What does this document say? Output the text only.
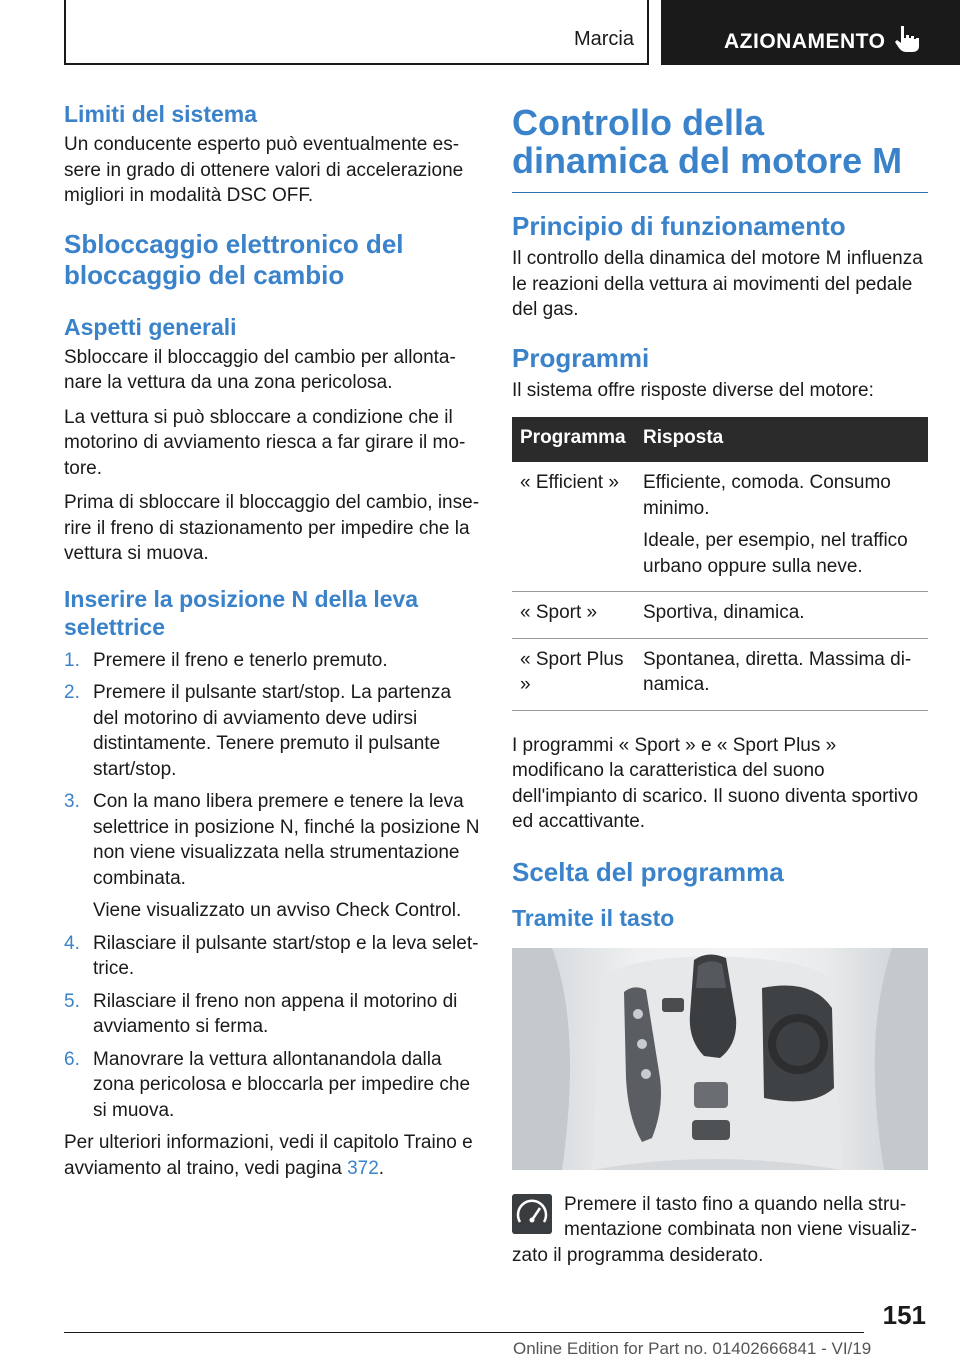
Marcia	AZIONAMENTO
Limiti del sistema
Un conducente esperto può eventualmente essere in grado di ottenere valori di accelerazione migliori in modalità DSC OFF.
Sbloccaggio elettronico del bloccaggio del cambio
Aspetti generali
Sbloccare il bloccaggio del cambio per allontanare la vettura da una zona pericolosa.
La vettura si può sbloccare a condizione che il motorino di avviamento riesca a far girare il motore.
Prima di sbloccare il bloccaggio del cambio, inserire il freno di stazionamento per impedire che la vettura si muova.
Inserire la posizione N della leva selettrice
1. Premere il freno e tenerlo premuto.
2. Premere il pulsante start/stop. La partenza del motorino di avviamento deve udirsi distintamente. Tenere premuto il pulsante start/stop.
3. Con la mano libera premere e tenere la leva selettrice in posizione N, finché la posizione N non viene visualizzata nella strumentazione combinata.
Viene visualizzato un avviso Check Control.
4. Rilasciare il pulsante start/stop e la leva selettrice.
5. Rilasciare il freno non appena il motorino di avviamento si ferma.
6. Manovrare la vettura allontanandola dalla zona pericolosa e bloccarla per impedire che si muova.
Per ulteriori informazioni, vedi il capitolo Traino e avviamento al traino, vedi pagina 372.
Controllo della dinamica del motore M
Principio di funzionamento
Il controllo della dinamica del motore M influenza le reazioni della vettura ai movimenti del pedale del gas.
Programmi
Il sistema offre risposte diverse del motore:
Programma	Risposta
« Efficient »	Efficiente, comoda. Consumo minimo.
Ideale, per esempio, nel traffico urbano oppure sulla neve.

« Sport »	Sportiva, dinamica.
« Sport Plus »	Spontanea, diretta. Massima dinamica.
I programmi « Sport » e « Sport Plus » modificano la caratteristica del suono dell'impianto di scarico. Il suono diventa sportivo ed accattivante.
Scelta del programma
Tramite il tasto
Premere il tasto fino a quando nella strumentazione combinata non viene visualizzato il programma desiderato.
151
Online Edition for Part no. 01402666841 - VI/19
